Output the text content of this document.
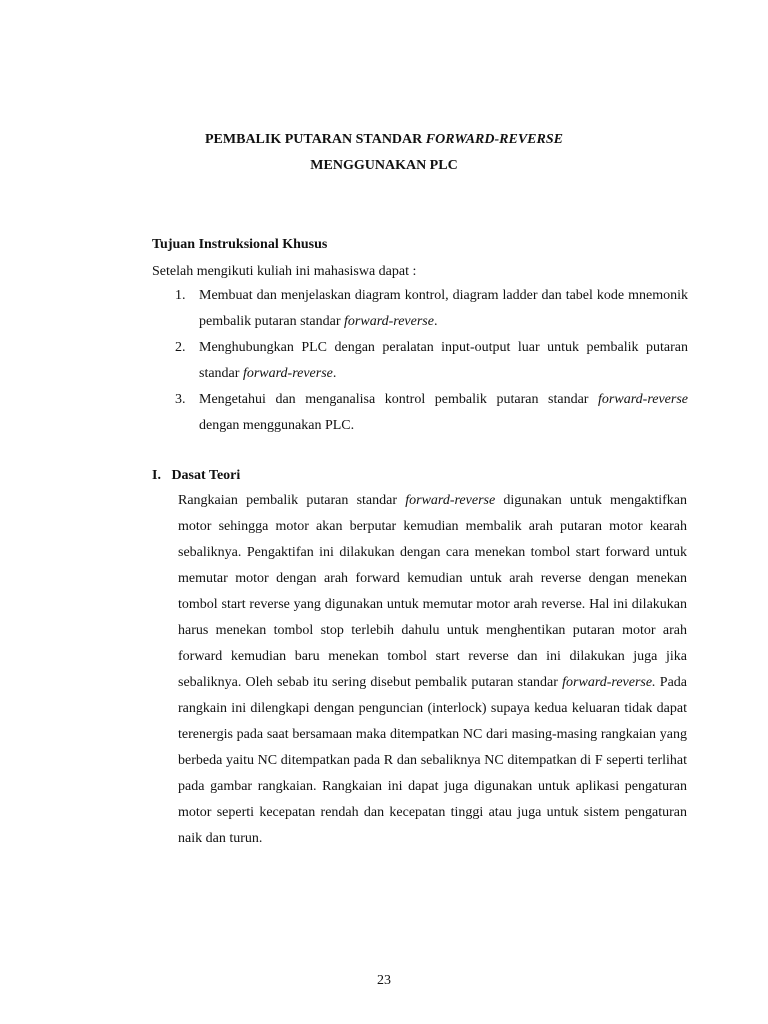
PEMBALIK PUTARAN STANDAR FORWARD-REVERSE
MENGGUNAKAN PLC
Tujuan Instruksional Khusus
Setelah mengikuti kuliah ini mahasiswa dapat :
1. Membuat dan menjelaskan diagram kontrol, diagram ladder dan tabel kode mnemonik pembalik putaran standar forward-reverse.
2. Menghubungkan PLC dengan peralatan input-output luar untuk pembalik putaran standar forward-reverse.
3. Mengetahui dan menganalisa kontrol pembalik putaran standar forward-reverse dengan menggunakan PLC.
I.   Dasat Teori
Rangkaian pembalik putaran standar forward-reverse digunakan untuk mengaktifkan motor sehingga motor akan berputar kemudian membalik arah putaran motor kearah sebaliknya. Pengaktifan ini dilakukan dengan cara menekan tombol start forward untuk memutar motor dengan arah forward kemudian untuk arah reverse dengan menekan tombol start reverse yang digunakan untuk memutar motor arah reverse. Hal ini dilakukan harus menekan tombol stop terlebih dahulu untuk menghentikan putaran motor arah forward kemudian baru menekan tombol start reverse dan ini dilakukan juga jika sebaliknya. Oleh sebab itu sering disebut pembalik putaran standar forward-reverse. Pada rangkain ini dilengkapi dengan penguncian (interlock) supaya kedua keluaran tidak dapat terenergis pada saat bersamaan maka ditempatkan NC dari masing-masing rangkaian yang berbeda yaitu NC ditempatkan pada R dan sebaliknya NC ditempatkan di F seperti terlihat pada gambar rangkaian. Rangkaian ini dapat juga digunakan untuk aplikasi pengaturan motor seperti kecepatan rendah dan kecepatan tinggi atau juga untuk sistem pengaturan naik dan turun.
23
